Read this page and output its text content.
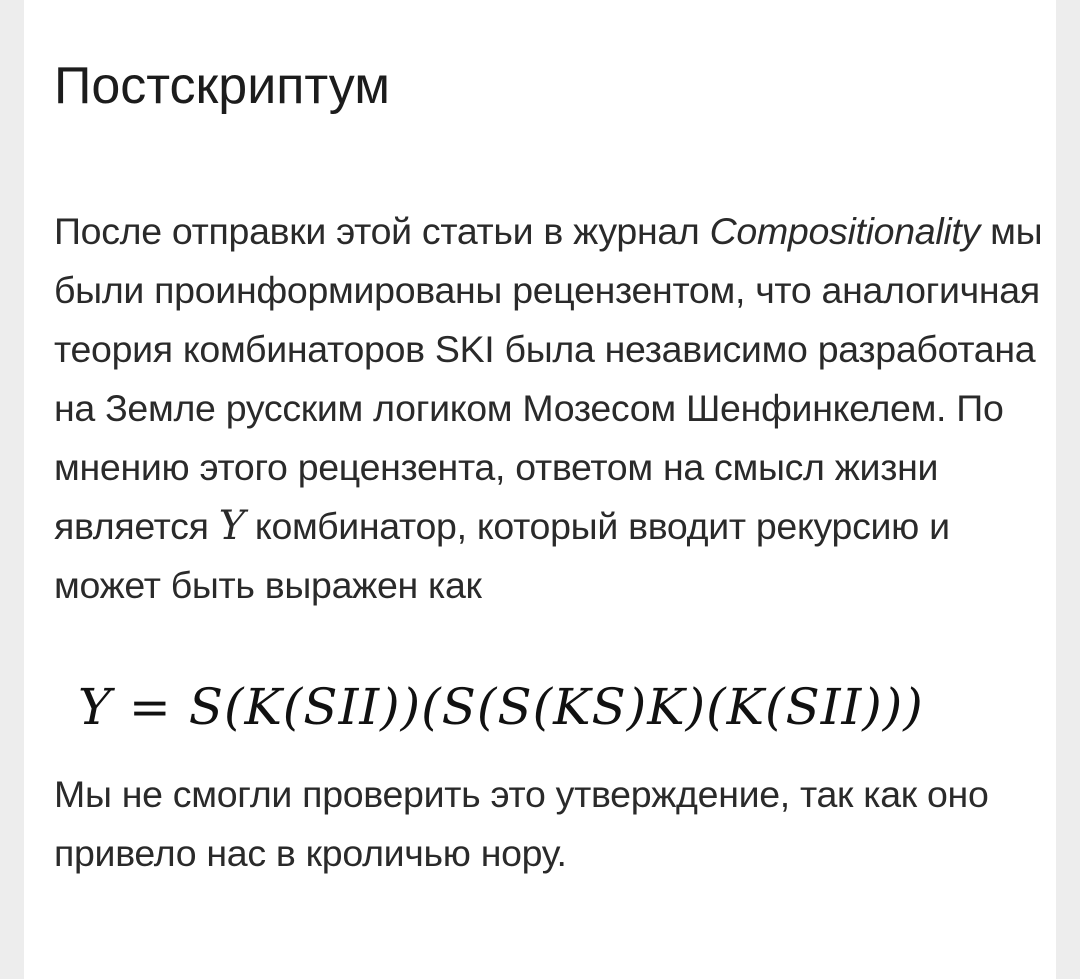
Постскриптум

После отправки этой статьи в журнал Compositionality мы были проинформированы рецензентом, что аналогичная теория комбинаторов SKI была независимо разработана на Земле русским логиком Мозесом Шенфинкелем. По мнению этого рецензента, ответом на смысл жизни является Y комбинатор, который вводит рекурсию и может быть выражен как

Y = S(K(SII))(S(S(KS)K)(K(SII)))

Мы не смогли проверить это утверждение, так как оно привело нас в кроличью нору.
